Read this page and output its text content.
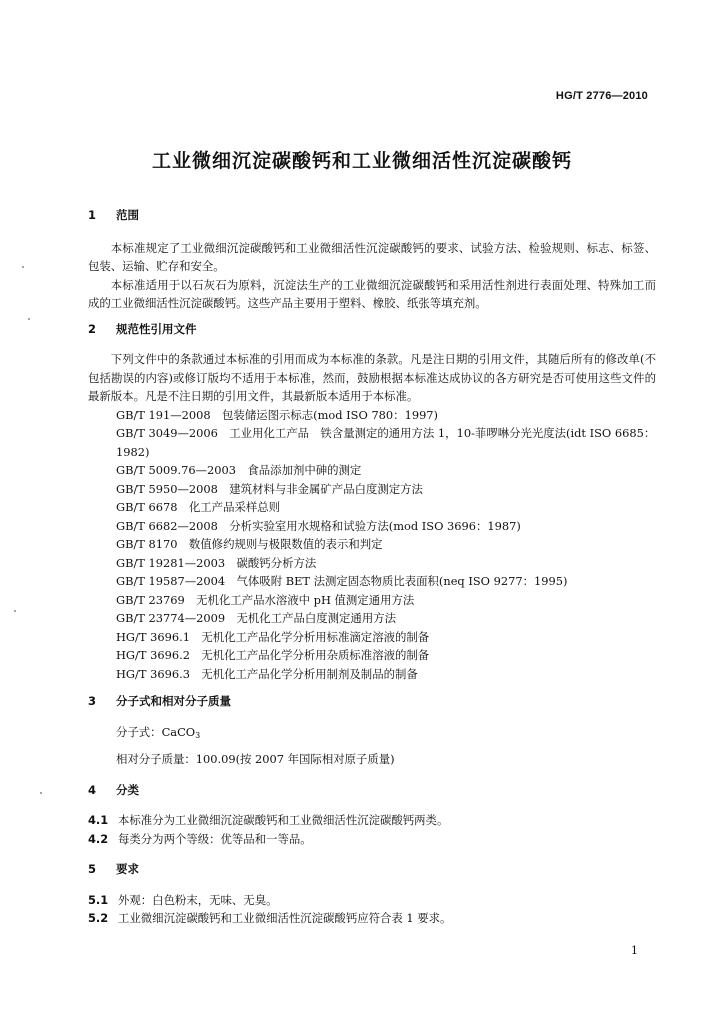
HG/T 2776—2010
工业微细沉淀碳酸钙和工业微细活性沉淀碳酸钙
1 范围

本标准规定了工业微细沉淀碳酸钙和工业微细活性沉淀碳酸钙的要求、试验方法、检验规则、标志、标签、包装、运输、贮存和安全。

本标准适用于以石灰石为原料，沉淀法生产的工业微细沉淀碳酸钙和采用活性剂进行表面处理、特殊加工而成的工业微细活性沉淀碳酸钙。这些产品主要用于塑料、橡胶、纸张等填充剂。

2 规范性引用文件

下列文件中的条款通过本标准的引用而成为本标准的条款。凡是注日期的引用文件，其随后所有的修改单(不包括勘误的内容)或修订版均不适用于本标准，然而，鼓励根据本标准达成协议的各方研究是否可使用这些文件的最新版本。凡是不注日期的引用文件，其最新版本适用于本标准。

GB/T 191—2008　包装储运图示标志(mod ISO 780：1997)
GB/T 3049—2006　工业用化工产品　铁含量测定的通用方法 1，10-菲啰啉分光光度法(idt ISO 6685：1982)
GB/T 5009.76—2003　食品添加剂中砷的测定
GB/T 5950—2008　建筑材料与非金属矿产品白度测定方法
GB/T 6678　化工产品采样总则
GB/T 6682—2008　分析实验室用水规格和试验方法(mod ISO 3696：1987)
GB/T 8170　数值修约规则与极限数值的表示和判定
GB/T 19281—2003　碳酸钙分析方法
GB/T 19587—2004　气体吸附 BET 法测定固态物质比表面积(neq ISO 9277：1995)
GB/T 23769　无机化工产品水溶液中 pH 值测定通用方法
GB/T 23774—2009　无机化工产品白度测定通用方法
HG/T 3696.1　无机化工产品化学分析用标准滴定溶液的制备
HG/T 3696.2　无机化工产品化学分析用杂质标准溶液的制备
HG/T 3696.3　无机化工产品化学分析用制剂及制品的制备
3 分子式和相对分子质量

分子式：CaCO$_3$

相对分子质量：100.09(按 2007 年国际相对原子质量)

4 分类

4.1 本标准分为工业微细沉淀碳酸钙和工业微细活性沉淀碳酸钙两类。

4.2 每类分为两个等级：优等品和一等品。

5 要求

5.1 外观：白色粉末，无味、无臭。

5.2 工业微细沉淀碳酸钙和工业微细活性沉淀碳酸钙应符合表 1 要求。

1
